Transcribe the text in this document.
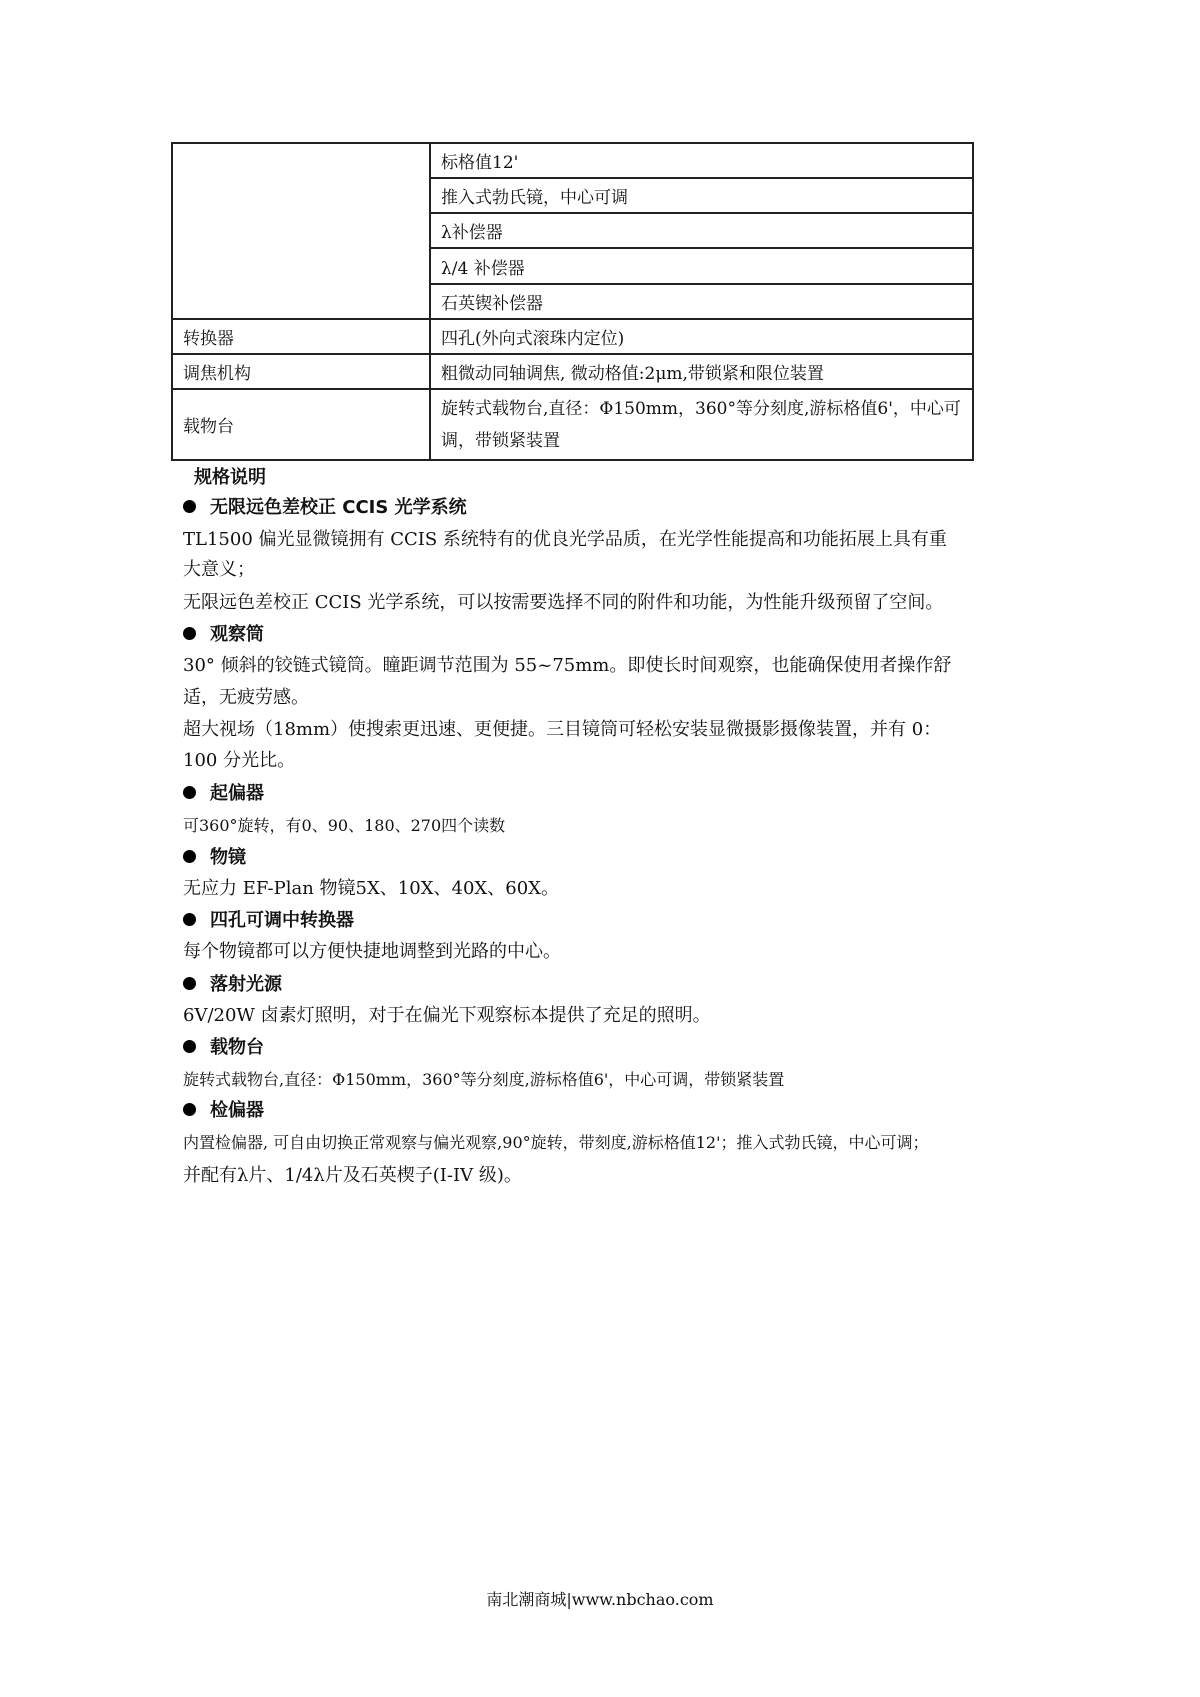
	标格值12'
	推入式勃氏镜，中心可调
	λ补偿器
	λ/4 补偿器
	石英锲补偿器
转换器	四孔(外向式滚珠内定位)
调焦机构	粗微动同轴调焦, 微动格值:2μm,带锁紧和限位装置
载物台	旋转式载物台,直径：Φ150mm，360°等分刻度,游标格值6'，中心可调，带锁紧装置
规格说明
无限远色差校正 CCIS 光学系统
TL1500 偏光显微镜拥有 CCIS 系统特有的优良光学品质，在光学性能提高和功能拓展上具有重
大意义；
无限远色差校正 CCIS 光学系统，可以按需要选择不同的附件和功能，为性能升级预留了空间。
观察筒
30° 倾斜的铰链式镜筒。瞳距调节范围为 55~75mm。即使长时间观察，也能确保使用者操作舒
适，无疲劳感。
超大视场（18mm）使搜索更迅速、更便捷。三目镜筒可轻松安装显微摄影摄像装置，并有 0：
100 分光比。
起偏器
可360°旋转，有0、90、180、270四个读数
物镜
无应力 EF-Plan 物镜5X、10X、40X、60X。
四孔可调中转换器
每个物镜都可以方便快捷地调整到光路的中心。
落射光源
6V/20W 卤素灯照明，对于在偏光下观察标本提供了充足的照明。
载物台
旋转式载物台,直径：Φ150mm，360°等分刻度,游标格值6'，中心可调，带锁紧装置
检偏器
内置检偏器, 可自由切换正常观察与偏光观察,90°旋转，带刻度,游标格值12'；推入式勃氏镜，中心可调；
并配有λ片、1/4λ片及石英楔子(I-IV 级)。
南北潮商城|www.nbchao.com
